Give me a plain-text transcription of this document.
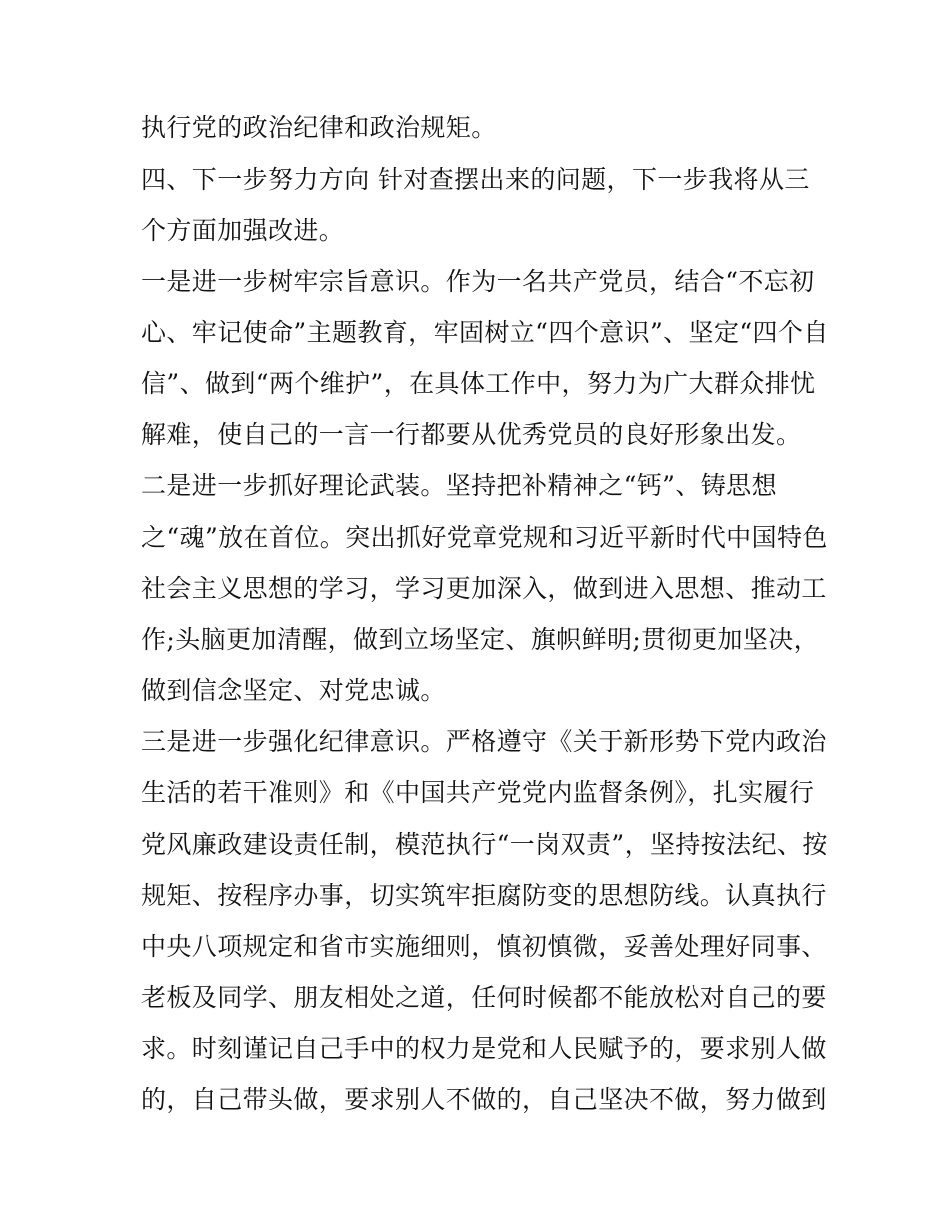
执行党的政治纪律和政治规矩。
四、下一步努力方向 针对查摆出来的问题，下一步我将从三
个方面加强改进。
一是进一步树牢宗旨意识。作为一名共产党员，结合“不忘初
心、牢记使命”主题教育，牢固树立“四个意识”、坚定“四个自
信”、做到“两个维护”，在具体工作中，努力为广大群众排忧
解难，使自己的一言一行都要从优秀党员的良好形象出发。
二是进一步抓好理论武装。坚持把补精神之“钙”、铸思想
之“魂”放在首位。突出抓好党章党规和习近平新时代中国特色
社会主义思想的学习，学习更加深入，做到进入思想、推动工
作;头脑更加清醒，做到立场坚定、旗帜鲜明;贯彻更加坚决，
做到信念坚定、对党忠诚。
三是进一步强化纪律意识。严格遵守《关于新形势下党内政治
生活的若干准则》和《中国共产党党内监督条例》，扎实履行
党风廉政建设责任制，模范执行“一岗双责”，坚持按法纪、按
规矩、按程序办事，切实筑牢拒腐防变的思想防线。认真执行
中央八项规定和省市实施细则，慎初慎微，妥善处理好同事、
老板及同学、朋友相处之道，任何时候都不能放松对自己的要
求。时刻谨记自己手中的权力是党和人民赋予的，要求别人做
的，自己带头做，要求别人不做的，自己坚决不做，努力做到
